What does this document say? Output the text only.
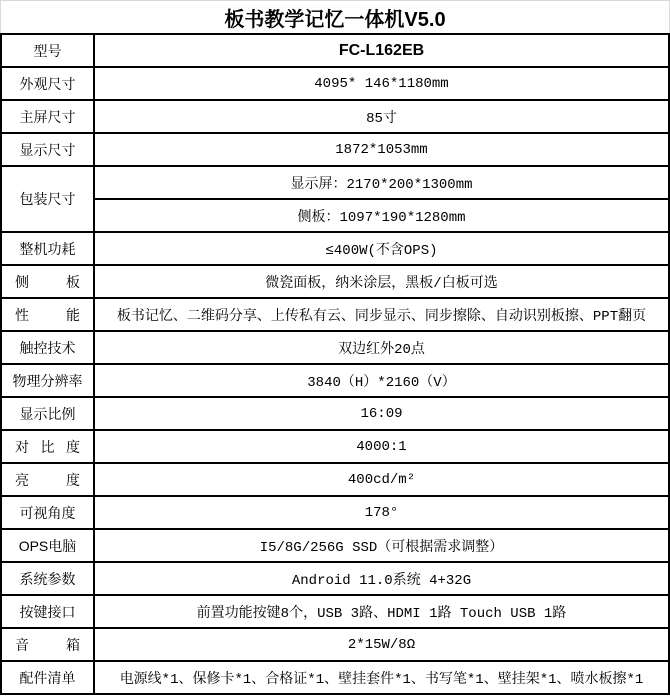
板书教学记忆一体机V5.0
型号	FC-L162EB
外观尺寸	4095* 146*1180mm
主屏尺寸	85寸
显示尺寸	1872*1053mm
包装尺寸	显示屏：2170*200*1300mm
	侧板：1097*190*1280mm
整机功耗	≤400W(不含OPS)
侧板	微瓷面板，纳米涂层，黑板/白板可选
性能	板书记忆、二维码分享、上传私有云、同步显示、同步擦除、自动识别板擦、PPT翻页
触控技术	双边红外20点
物理分辨率	3840（H）*2160（V）
显示比例	16:09
对比度	4000:1
亮度	400cd/m²
可视角度	178°
OPS电脑	I5/8G/256G SSD（可根据需求调整）
系统参数	Android 11.0系统 4+32G
按键接口	前置功能按键8个，USB 3路、HDMI 1路 Touch USB 1路
音箱	2*15W/8Ω
配件清单	电源线*1、保修卡*1、合格证*1、壁挂套件*1、书写笔*1、壁挂架*1、喷水板擦*1
